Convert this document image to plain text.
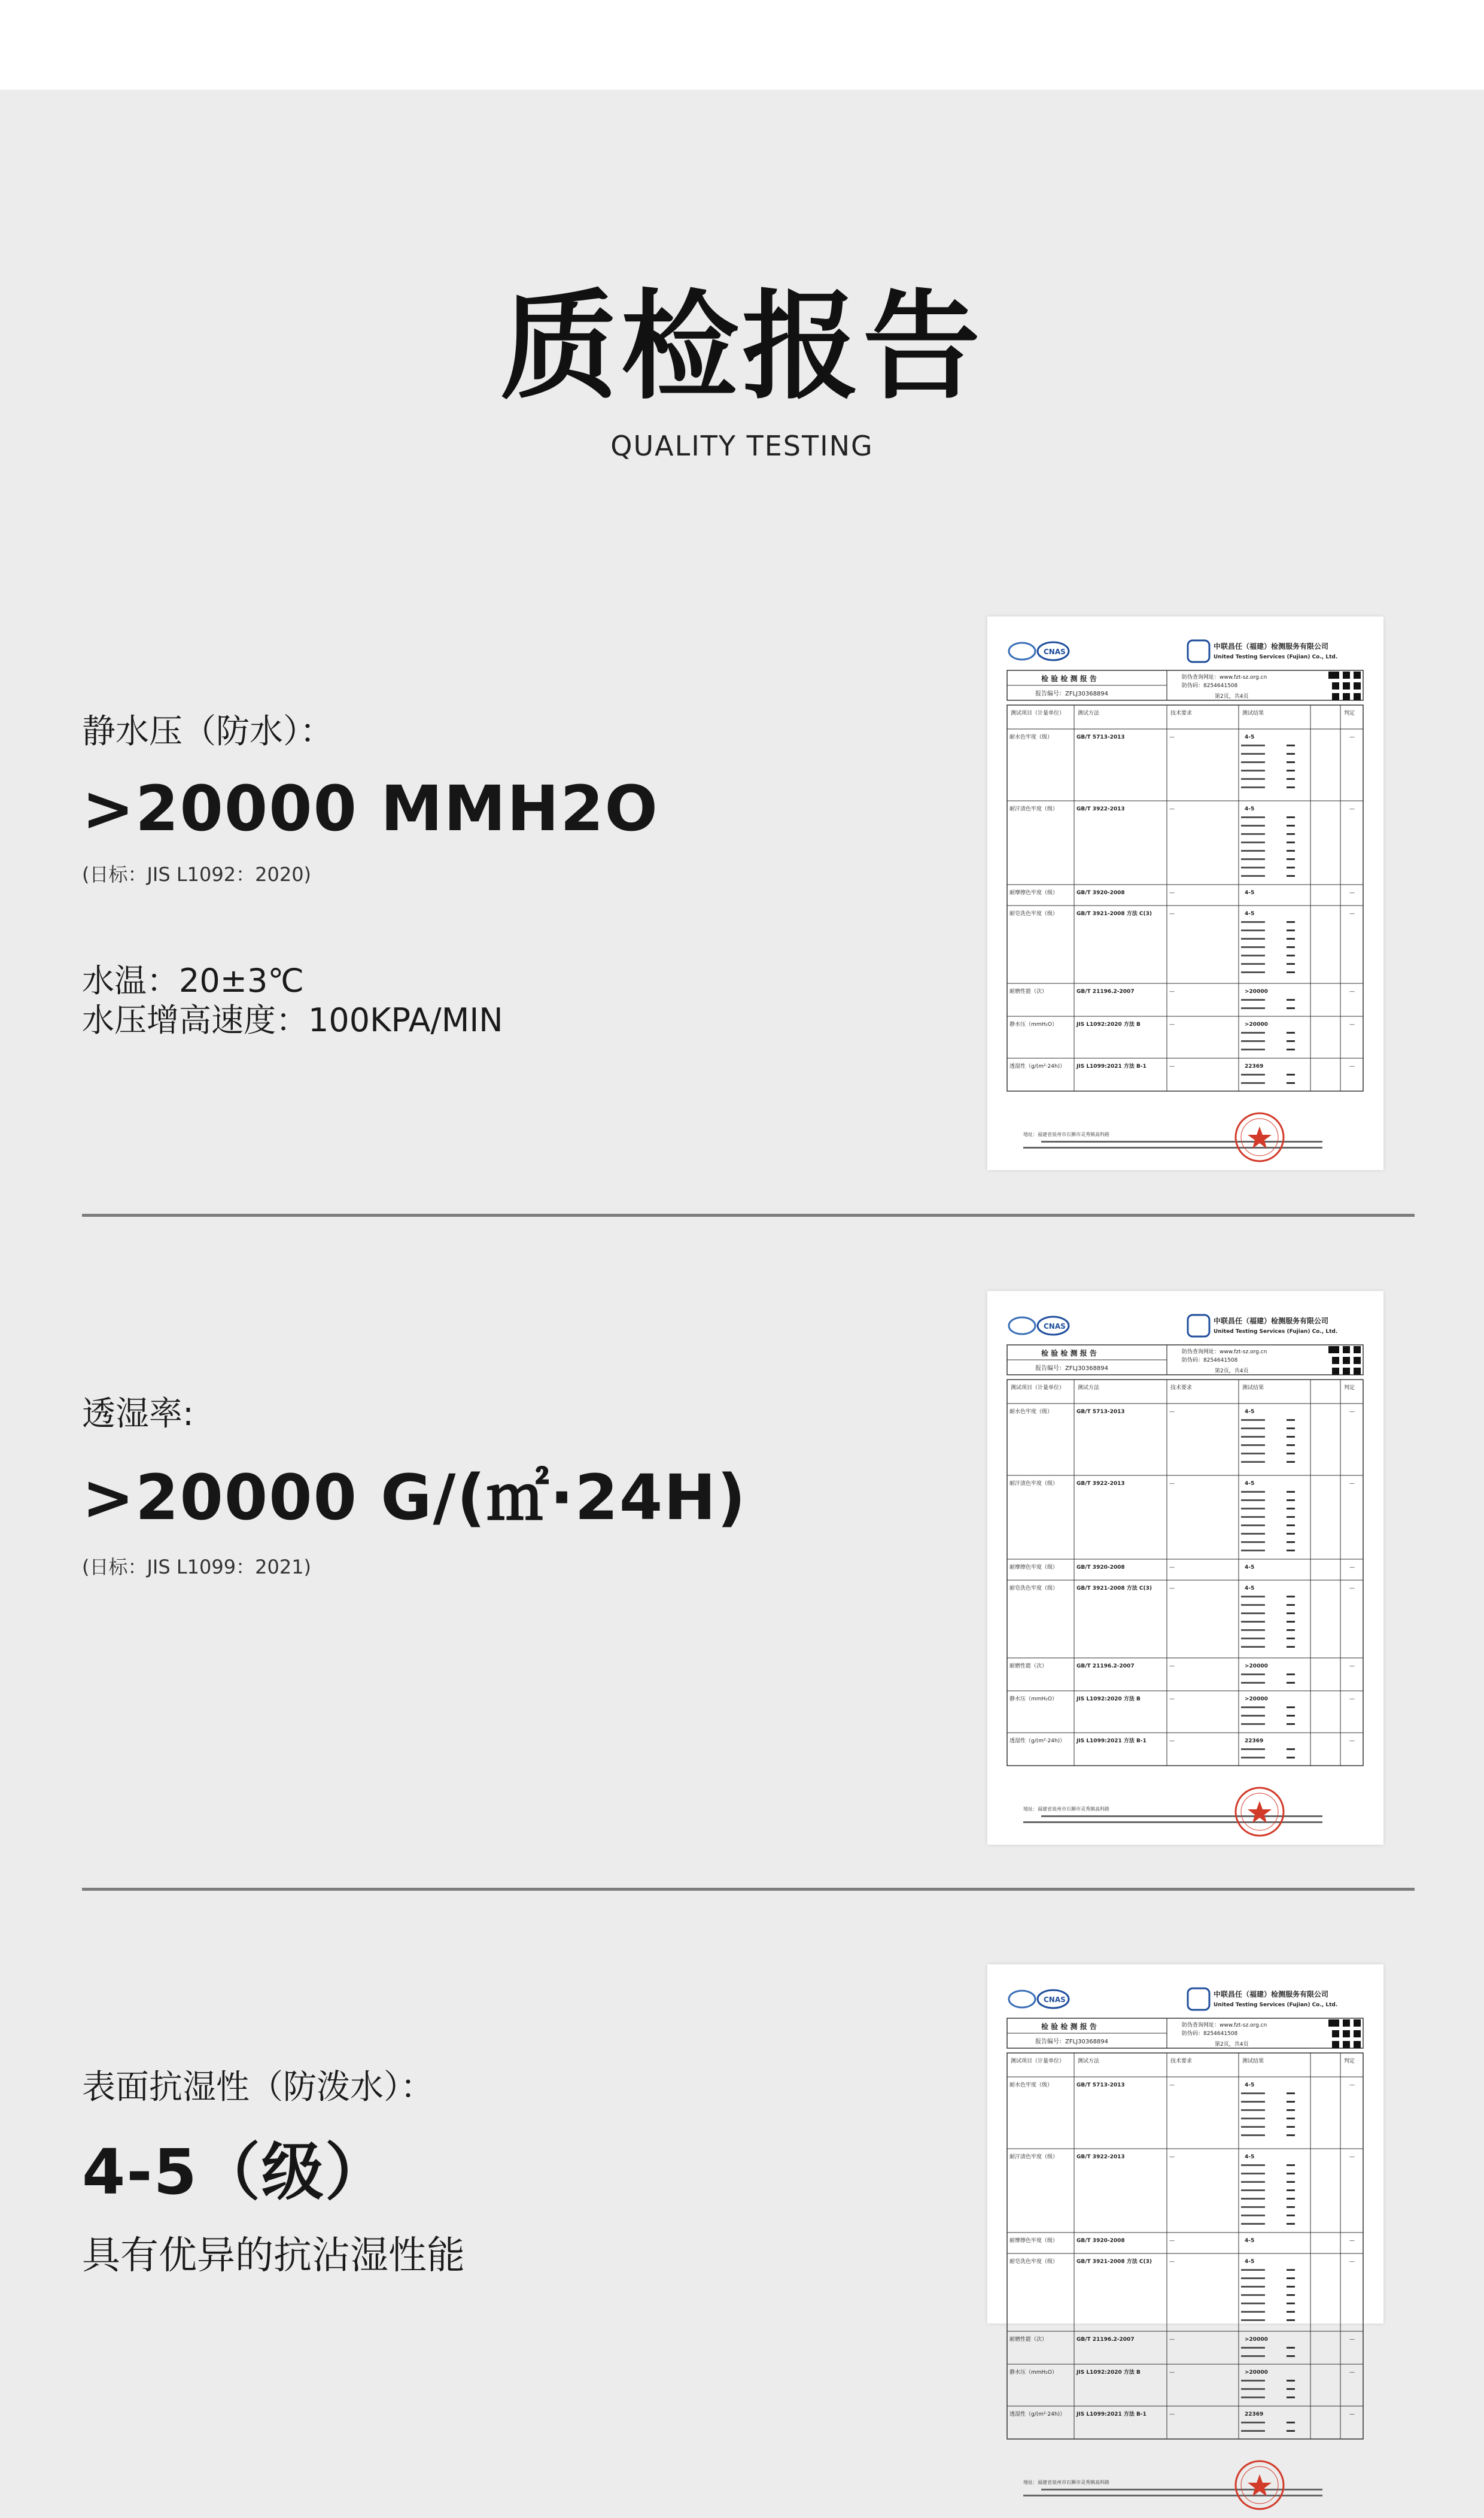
质检报告
QUALITY TESTING
静水压（防水）：
>20000 MMH2O
(日标：JIS L1092：2020)
水温：20±3℃
水压增高速度：100KPA/MIN
CNAS
中联昌任（福建）检测服务有限公司
United Testing Services (Fujian) Co., Ltd.
检 验 检 测 报 告
报告编号：ZFLJ30368894
防伪查询网址：www.fzt-sz.org.cn
防伪码：8254641508
第2页，共4页
测试项目（计量单位） 测试方法	技术要求	测试结果	判定
耐水色牢度（级）	GB/T 5713-2013	—	4-5	—
耐汗渍色牢度（级）	GB/T 3922-2013	—	4-5	—
耐摩擦色牢度（级）	GB/T 3920-2008	—	4-5	—
耐皂洗色牢度（级）	GB/T 3921-2008 方法 C(3)	—	4-5	—
耐磨性能（次）	GB/T 21196.2-2007	—	>20000	—
静水压（mmH₂O）	JIS L1092:2020 方法 B	—	>20000	—
透湿性（g/(m²·24h)） JIS L1099:2021 方法 B-1	—	22369	—
地址：福建省泉州市石狮市灵秀镇高科路
透湿率:
>20000 G/(㎡·24H)
(日标：JIS L1099：2021)
CNAS
中联昌任（福建）检测服务有限公司
United Testing Services (Fujian) Co., Ltd.
检 验 检 测 报 告
报告编号：ZFLJ30368894
防伪查询网址：www.fzt-sz.org.cn
防伪码：8254641508
第2页，共4页
测试项目（计量单位） 测试方法	技术要求	测试结果	判定
耐水色牢度（级）	GB/T 5713-2013	—	4-5	—
耐汗渍色牢度（级）	GB/T 3922-2013	—	4-5	—
耐摩擦色牢度（级）	GB/T 3920-2008	—	4-5	—
耐皂洗色牢度（级）	GB/T 3921-2008 方法 C(3)	—	4-5	—
耐磨性能（次）	GB/T 21196.2-2007	—	>20000	—
静水压（mmH₂O）	JIS L1092:2020 方法 B	—	>20000	—
透湿性（g/(m²·24h)） JIS L1099:2021 方法 B-1	—	22369	—
地址：福建省泉州市石狮市灵秀镇高科路
表面抗湿性（防泼水）：
4-5（级）
具有优异的抗沾湿性能
CNAS
中联昌任（福建）检测服务有限公司
United Testing Services (Fujian) Co., Ltd.
检 验 检 测 报 告
报告编号：ZFLJ30368894
防伪查询网址：www.fzt-sz.org.cn
防伪码：8254641508
第2页，共4页
测试项目（计量单位） 测试方法	技术要求	测试结果	判定
耐水色牢度（级）	GB/T 5713-2013	—	4-5	—
耐汗渍色牢度（级）	GB/T 3922-2013	—	4-5	—
耐摩擦色牢度（级）	GB/T 3920-2008	—	4-5	—
耐皂洗色牢度（级）	GB/T 3921-2008 方法 C(3)	—	4-5	—
耐磨性能（次）	GB/T 21196.2-2007	—	>20000	—
静水压（mmH₂O）	JIS L1092:2020 方法 B	—	>20000	—
透湿性（g/(m²·24h)） JIS L1099:2021 方法 B-1	—	22369	—
地址：福建省泉州市石狮市灵秀镇高科路
